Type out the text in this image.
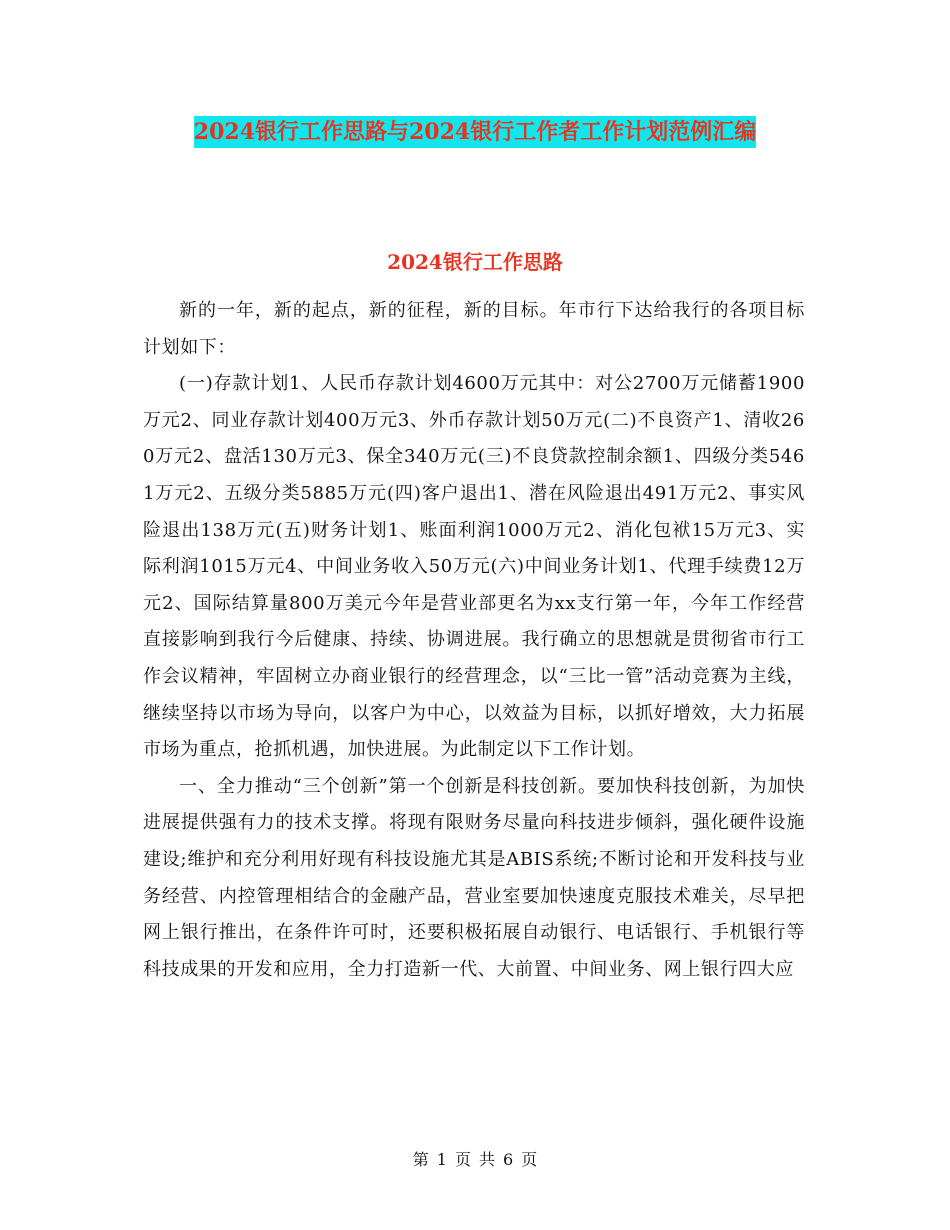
2024银行工作思路与2024银行工作者工作计划范例汇编
2024银行工作思路

新的一年，新的起点，新的征程，新的目标。年市行下达给我行的各项目标计划如下：

(一)存款计划1、人民币存款计划4600万元其中：对公2700万元储蓄1900万元2、同业存款计划400万元3、外币存款计划50万元(二)不良资产1、清收260万元2、盘活130万元3、保全340万元(三)不良贷款控制余额1、四级分类5461万元2、五级分类5885万元(四)客户退出1、潜在风险退出491万元2、事实风险退出138万元(五)财务计划1、账面利润1000万元2、消化包袱15万元3、实际利润1015万元4、中间业务收入50万元(六)中间业务计划1、代理手续费12万元2、国际结算量800万美元今年是营业部更名为xx支行第一年，今年工作经营直接影响到我行今后健康、持续、协调进展。我行确立的思想就是贯彻省市行工作会议精神，牢固树立办商业银行的经营理念，以“三比一管”活动竞赛为主线，继续坚持以市场为导向，以客户为中心，以效益为目标，以抓好增效，大力拓展市场为重点，抢抓机遇，加快进展。为此制定以下工作计划。

一、全力推动“三个创新”第一个创新是科技创新。要加快科技创新，为加快进展提供强有力的技术支撑。将现有限财务尽量向科技进步倾斜，强化硬件设施建设;维护和充分利用好现有科技设施尤其是ABIS系统;不断讨论和开发科技与业务经营、内控管理相结合的金融产品，营业室要加快速度克服技术难关，尽早把网上银行推出，在条件许可时，还要积极拓展自动银行、电话银行、手机银行等科技成果的开发和应用，全力打造新一代、大前置、中间业务、网上银行四大应

第 1 页 共 6 页
